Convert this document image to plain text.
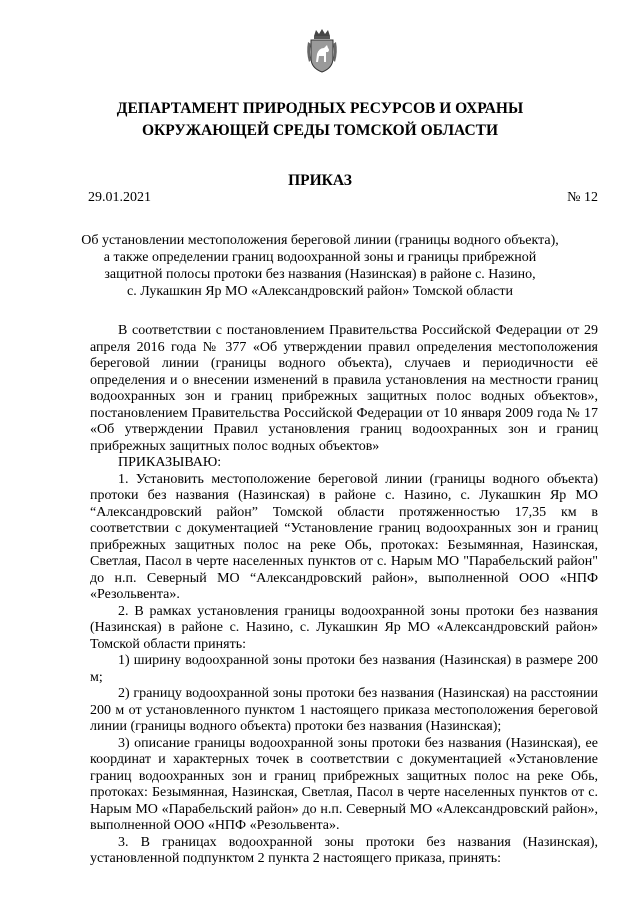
ДЕПАРТАМЕНТ ПРИРОДНЫХ РЕСУРСОВ И ОХРАНЫ
ОКРУЖАЮЩЕЙ СРЕДЫ ТОМСКОЙ ОБЛАСТИ
ПРИКАЗ
29.01.2021	№ 12
Об установлении местоположения береговой линии (границы водного объекта),
а также определении границ водоохранной зоны и границы прибрежной
защитной полосы протоки без названия (Назинская) в районе с. Назино,
с. Лукашкин Яр МО «Александровский район» Томской области

В соответствии с постановлением Правительства Российской Федерации от 29 апреля 2016 года № 377 «Об утверждении правил определения местоположения береговой линии (границы водного объекта), случаев и периодичности её определения и о внесении изменений в правила установления на местности границ водоохранных зон и границ прибрежных защитных полос водных объектов», постановлением Правительства Российской Федерации от 10 января 2009 года № 17 «Об утверждении Правил установления границ водоохранных зон и границ прибрежных защитных полос водных объектов»

ПРИКАЗЫВАЮ:

1. Установить местоположение береговой линии (границы водного объекта) протоки без названия (Назинская) в районе с. Назино, с. Лукашкин Яр МО “Александровский район” Томской области протяженностью 17,35 км в соответствии с документацией “Установление границ водоохранных зон и границ прибрежных защитных полос на реке Обь, протоках: Безымянная, Назинская, Светлая, Пасол в черте населенных пунктов от с. Нарым МО "Парабельский район" до н.п. Северный МО “Александровский район», выполненной ООО «НПФ «Резольвента».

2. В рамках установления границы водоохранной зоны протоки без названия (Назинская) в районе с. Назино, с. Лукашкин Яр МО «Александровский район» Томской области принять:

1) ширину водоохранной зоны протоки без названия (Назинская) в размере 200 м;

2) границу водоохранной зоны протоки без названия (Назинская) на расстоянии 200 м от установленного пунктом 1 настоящего приказа местоположения береговой линии (границы водного объекта) протоки без названия (Назинская);

3) описание границы водоохранной зоны протоки без названия (Назинская), ее координат и характерных точек в соответствии с документацией «Установление границ водоохранных зон и границ прибрежных защитных полос на реке Обь, протоках: Безымянная, Назинская, Светлая, Пасол в черте населенных пунктов от с. Нарым МО «Парабельский район» до н.п. Северный МО «Александровский район», выполненной ООО «НПФ «Резольвента».

3. В границах водоохранной зоны протоки без названия (Назинская), установленной подпунктом 2 пункта 2 настоящего приказа, принять:
